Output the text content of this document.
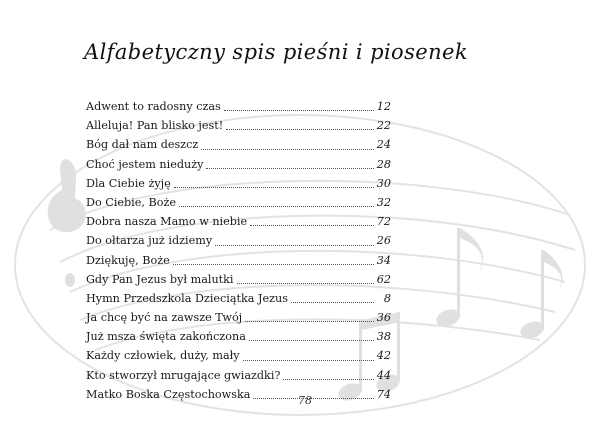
Alfabetyczny spis pieśni i piosenek
Adwent to radosny czas	12
Alleluja! Pan blisko jest!	22
Bóg dał nam deszcz	24
Choć jestem nieduży	28
Dla Ciebie żyję	30
Do Ciebie, Boże	32
Dobra nasza Mamo w niebie	72
Do ołtarza już idziemy	26
Dziękuję, Boże	34
Gdy Pan Jezus był malutki	62
Hymn Przedszkola Dzieciątka Jezus	8
Ja chcę być na zawsze Twój	36
Już msza święta zakończona	38
Każdy człowiek, duży, mały	42
Kto stworzył mrugające gwiazdki?	44
Matko Boska Częstochowska	74
78
